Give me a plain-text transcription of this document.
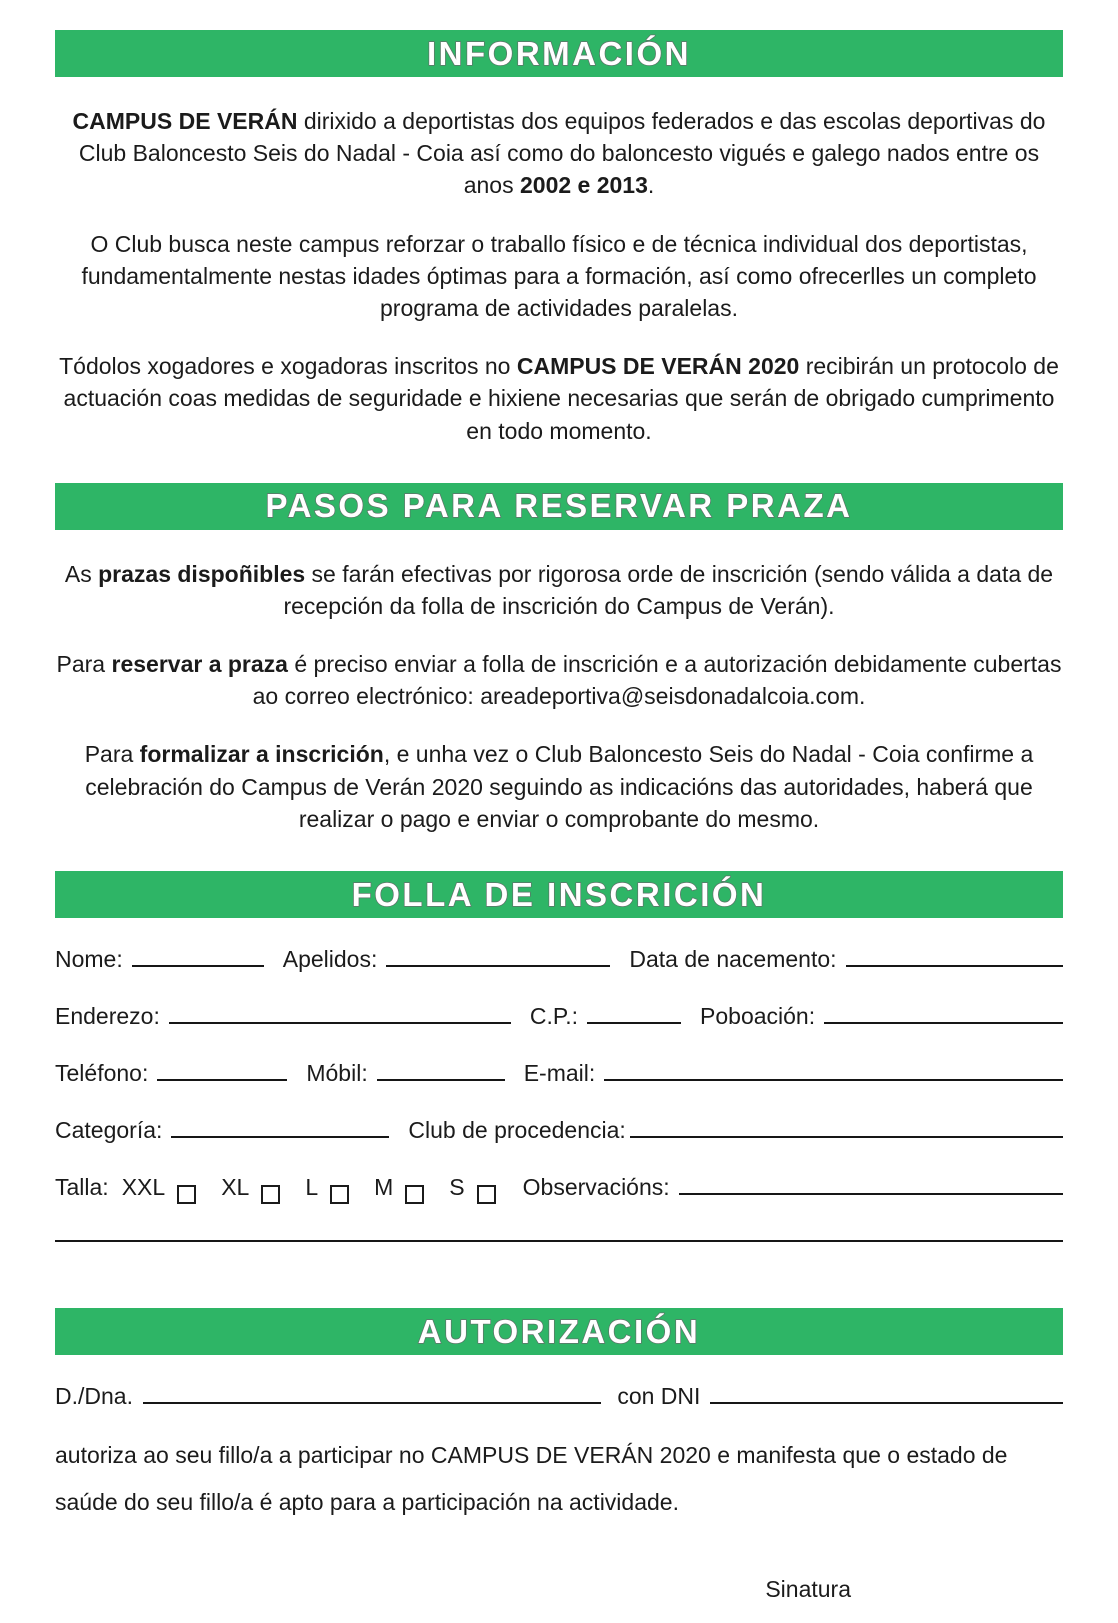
INFORMACIÓN

CAMPUS DE VERÁN dirixido a deportistas dos equipos federados e das escolas deportivas do Club Baloncesto Seis do Nadal - Coia así como do baloncesto vigués e galego nados entre os anos 2002 e 2013.

O Club busca neste campus reforzar o traballo físico e de técnica individual dos deportistas, fundamentalmente nestas idades óptimas para a formación, así como ofrecerlles un completo programa de actividades paralelas.

Tódolos xogadores e xogadoras inscritos no CAMPUS DE VERÁN 2020 recibirán un protocolo de actuación coas medidas de seguridade e hixiene necesarias que serán de obrigado cumprimento en todo momento.

PASOS PARA RESERVAR PRAZA

As prazas dispoñibles se farán efectivas por rigorosa orde de inscrición (sendo válida a data de recepción da folla de inscrición do Campus de Verán).

Para reservar a praza é preciso enviar a folla de inscrición e a autorización debidamente cubertas ao correo electrónico: areadeportiva@seisdonadalcoia.com.

Para formalizar a inscrición, e unha vez o Club Baloncesto Seis do Nadal - Coia confirme a celebración do Campus de Verán 2020 seguindo as indicacións das autoridades, haberá que realizar o pago e enviar o comprobante do mesmo.

FOLLA DE INSCRICIÓN
Nome:	Apelidos:	Data de nacemento:
Enderezo:	C.P.:	Poboación:
Teléfono:	Móbil:	E-mail:
Categoría:	Club de procedencia:
Talla: XXL XL L M S	Observacións:
AUTORIZACIÓN
D./Dna.	con DNI

autoriza ao seu fillo/a a participar no CAMPUS DE VERÁN 2020 e manifesta que o estado de saúde do seu fillo/a é apto para a participación na actividade.

Sinatura
